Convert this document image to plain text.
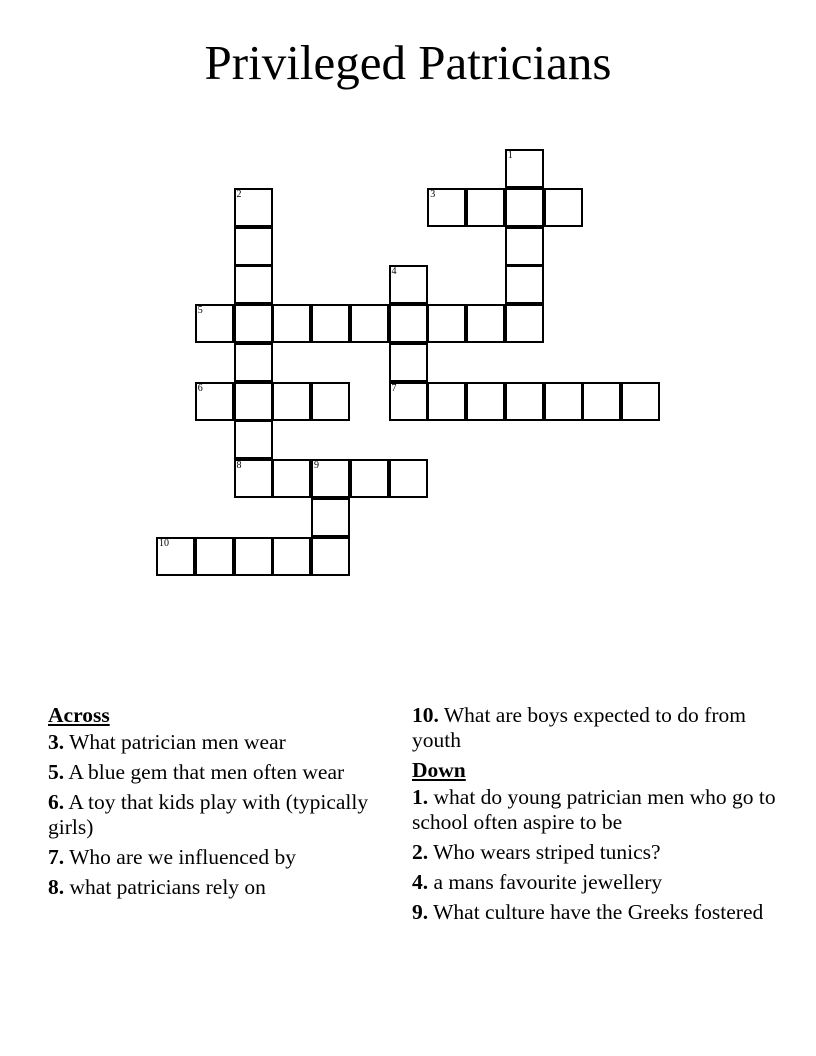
Privileged Patricians
1
3
2
4
5
6	7
8	9
10
Across
3. What patrician men wear
5. A blue gem that men often wear
6. A toy that kids play with (typically girls)
7. Who are we influenced by
8. what patricians rely on
10. What are boys expected to do from youth
Down
1. what do young patrician men who go to school often aspire to be
2. Who wears striped tunics?
4. a mans favourite jewellery
9. What culture have the Greeks fostered
